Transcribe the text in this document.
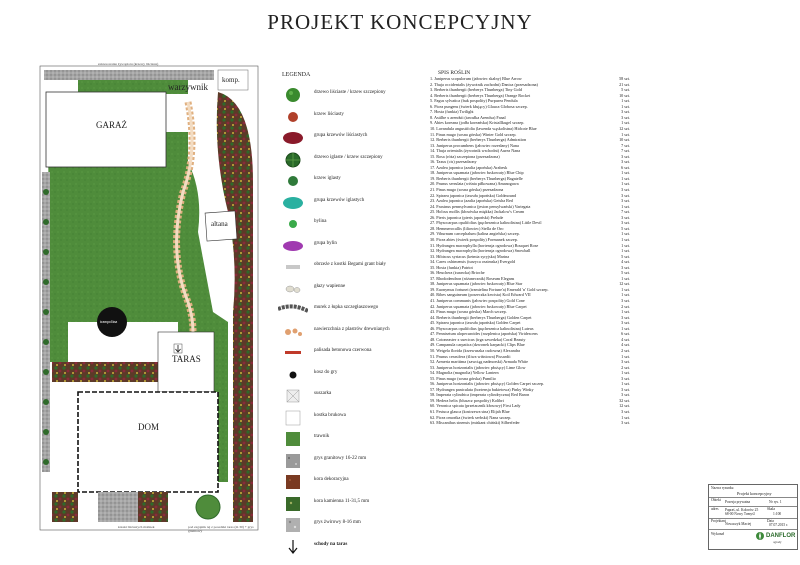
PROJEKT KONCEPCYJNY
warzywnik
komp.
GARAŻ
altana
TARAS
DOM
trampolina
zakresowanie żywopłotu (krzewy liściaste)
krzaki liściastych malinek	pod zagajnik tej z posadzki taras (m 30) + grys granitowy
LEGENDA
drzewo liściaste / krzew szczepiony
krzew liściasty
grupa krzewów liściastych
drzewo iglaste / krzew szczepiony
krzew iglasty
grupa krzewów iglastych
bylina
grupa bylin
obrzeże z kostki Begami grant biały
głazy wapienne
murek z łupka szczegłaszowego
nawierzchnia z plastrów drewnianych
palisada betonowa czerwona
kosz do gry
suszarka
kostka brukowa
trawnik
grys granitowy 16-22 mm
kora dekoracyjna
kora kamienna 11-31,5 mm
grys żwirowy 8-16 mm
schody na taras
SPIS ROŚLIN
1. Juniperus scopulorum (jałowiec skalny) Blue Arrow	58 szt.
2. Thuja occidentalis (żywotnik zachodni) Danica (przesadzona)	21 szt.
3. Berberis thunbergii (berberys Thunberga) Tiny Gold	5 szt.
4. Berberis thunbergii (berberys Thunberga) Orange Rocket	10 szt.
5. Fagus sylvatica (buk pospolity) Purpurea Pendula	1 szt.
6. Picea pungens (świerk kłujący) Glauca Globosa szczep.	1 szt.
7. Hosta (funkia) Twilight	3 szt.
8. Astilbe x arendsii (tawułka Arendsa) Fanal	3 szt.
9. Abies koreana (jodła koreańska) Kristallkugel szczep.	1 szt.
10. Lavandula angustifolia (lawenda wąskolistna) Hidcote Blue	12 szt.
11. Pinus mugo (sosna górska) Winter Gold szczep.	1 szt.
12. Berberis thunbergii (berberys Thunberga) Admiration	10 szt.
13. Juniperus procumbens (jałowiec rozesłany) Nana	7 szt.
14. Thuja orientalis (żywotnik wschodni) Aurea Nana	7 szt.
15. Rosa (róża) szczepiona (przesadzona)	3 szt.
16. Taxus (cis) przesadzony	3 szt.
17. Azalea japonica (azalia japońska) Arabesk	6 szt.
18. Juniperus squamata (jałowiec łuskowaty) Blue Chip	1 szt.
19. Berberis thunbergii (berberys Thunberga) Bagatelle	1 szt.
20. Prunus serrulata (wiśnia piłkowana) Amanogawa	1 szt.
21. Pinus mugo (sosna górska) przesadzona	3 szt.
22. Spiraea japonica (tawuła japońska) Goldmound	3 szt.
23. Azalea japonica (azalia japońska) Geisha Red	3 szt.
24. Fraxinus pennsylvanica (jesion pensylwański) Variegata	1 szt.
25. Holcus mollis (kłosówka miękka) Jackalow's Cream	7 szt.
26. Pieris japonica (pieris japoński) Prelude	3 szt.
27. Physocarpus opulifolius (pęcherznica kalinolistna) Little Devil	3 szt.
28. Hemmerocallis (liliowiec) Stella de Oro	5 szt.
29. Viburnum carcephalum (kalina angielska) szczep.	1 szt.
30. Picea abies (świerk pospolity) Formanek szczep.	1 szt.
31. Hydrangea macrophylla (hortensja ogrodowa) Bouquet Rose	1 szt.
32. Hydrangea macrophylla (hortensja ogrodowa) Snowball	1 szt.
33. Hibiscus syriacus (ketmia syryjska) Marina	5 szt.
34. Carex oshimensis (turzyca oszimska) Evergold	4 szt.
35. Hosta (funkia) Patriot	3 szt.
36. Heuchera (żurawka) Brioche	5 szt.
37. Rhododendron (różanecznik) Roseum Elegans	1 szt.
38. Juniperus squamata (jałowiec łuskowaty) Blue Star	12 szt.
39. Euonymus fortunei (trzmielina Fortune'a) Emerald 'n' Gold szczep.	1 szt.
40. Ribes sanguineum (porzeczka krwista) Koil Edward VII	1 szt.
41. Juniperus communis (jałowiec pospolity) Gold Cone	3 szt.
42. Juniperus squamata (jałowiec łuskowaty) Blue Carpet	2 szt.
43. Pinus mugo (sosna górska) March szczep.	1 szt.
44. Berberis thunbergii (berberys Thunberga) Golden Carpet	3 szt.
45. Spiraea japonica (tawuła japońska) Golden Carpet	3 szt.
46. Physocarpus opulifolius (pęcherznica kalinolistna) Luteus	1 szt.
47. Pennisetum alopecuroides (rozplenica japońska) Viridescens	6 szt.
48. Cotoneaster x suecicus (irga szwedzka) Coral Beauty	4 szt.
49. Campanula carpatica (dzwonek karpacki) Clips Blue	4 szt.
50. Weigela florida (krzewuszka cudowna) Alexandra	2 szt.
51. Prunus cerasifera (śliwa wiśniowa) Pissardii	1 szt.
52. Armeria maritima (zawciąg nadmorski) Armada White	3 szt.
53. Juniperus horizontalis (jałowiec płożący) Lime Glow	2 szt.
54. Magnolia (magnolia) Yellow Lantern	1 szt.
55. Pinus mugo (sosna górska) Pumilio	3 szt.
56. Juniperus horizontalis (jałowiec płożący) Golden Carpet szczep.	1 szt.
57. Hydrangea paniculata (hortensja bukietowa) Pinky Winky	3 szt.
58. Imperata cylindrica (imperata cylindryczna) Red Baron	3 szt.
59. Hedera helix (bluszcz pospolity) Kolibri	32 szt.
60. Veronica spicata (przetacznik kłosowy) First Lady	12 szt.
61. Festuca glauca (kostrzewa sina) Elijah Blue	3 szt.
62. Picea omorika (świerk serbski) Nana szczep.	1 szt.
63. Miscanthus sinensis (miskant chiński) Silberfeder	3 szt.
Nazwa rysunku
Projekt koncepcyjny
Obiekt Posesja prywatna	Nr rys. 1
adres Papraś, ul. Kolorów 25
68-00 Nowy Tomyśl
Skala
1:100
Projektant
Nowaczyk Maciej
Data
07.07.2015 r.
Wykonał	DANFLOR
ogrody
